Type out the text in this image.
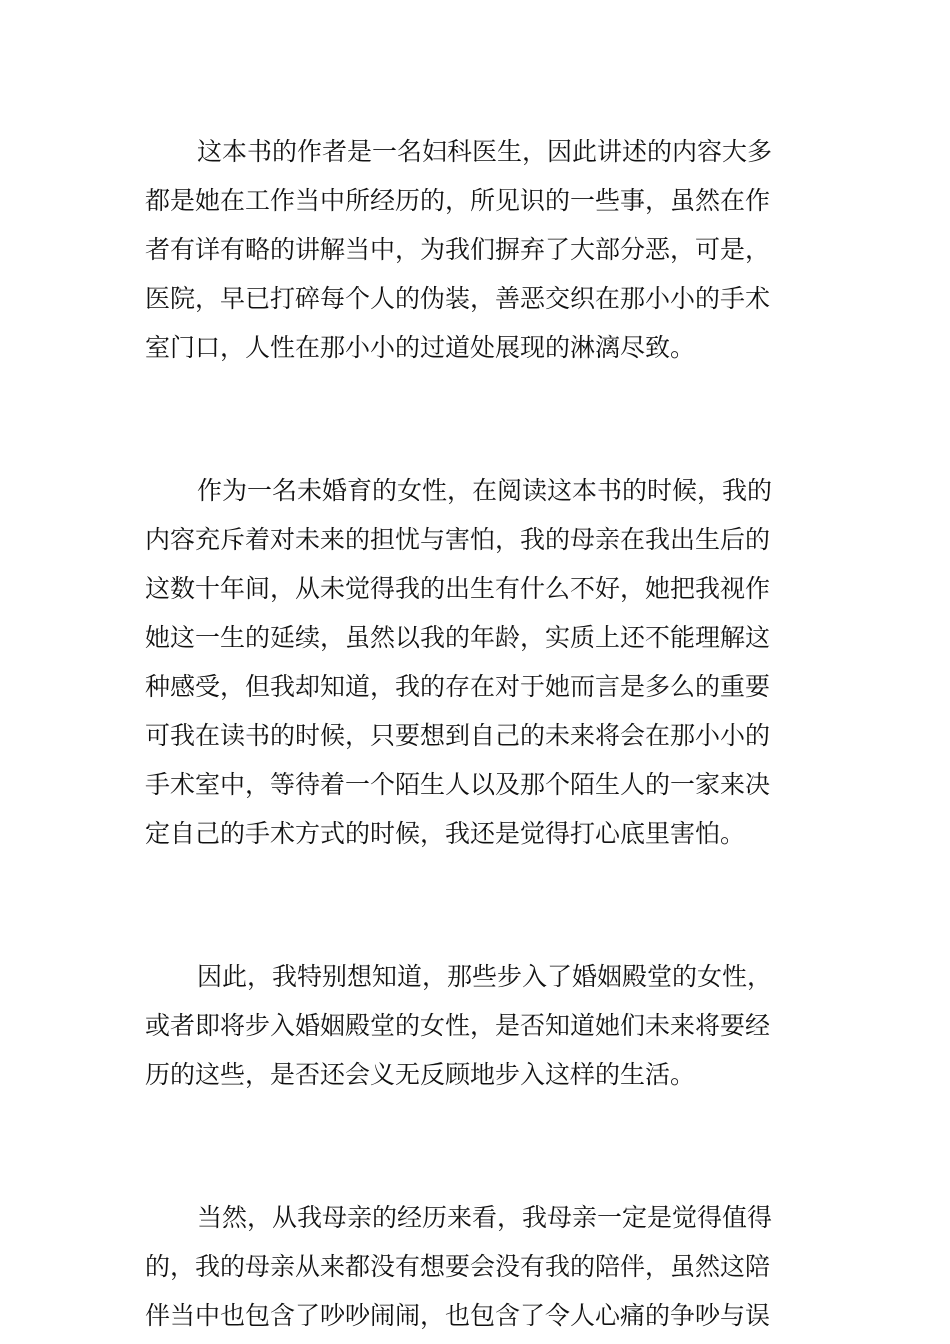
这本书的作者是一名妇科医生，因此讲述的内容大多
都是她在工作当中所经历的，所见识的一些事，虽然在作
者有详有略的讲解当中，为我们摒弃了大部分恶，可是，
医院，早已打碎每个人的伪装，善恶交织在那小小的手术
室门口，人性在那小小的过道处展现的淋漓尽致。

作为一名未婚育的女性，在阅读这本书的时候，我的
内容充斥着对未来的担忧与害怕，我的母亲在我出生后的
这数十年间，从未觉得我的出生有什么不好，她把我视作
她这一生的延续，虽然以我的年龄，实质上还不能理解这
种感受，但我却知道，我的存在对于她而言是多么的重要
可我在读书的时候，只要想到自己的未来将会在那小小的
手术室中，等待着一个陌生人以及那个陌生人的一家来决
定自己的手术方式的时候，我还是觉得打心底里害怕。

因此，我特别想知道，那些步入了婚姻殿堂的女性，
或者即将步入婚姻殿堂的女性，是否知道她们未来将要经
历的这些，是否还会义无反顾地步入这样的生活。

当然，从我母亲的经历来看，我母亲一定是觉得值得
的，我的母亲从来都没有想要会没有我的陪伴，虽然这陪
伴当中也包含了吵吵闹闹，也包含了令人心痛的争吵与误
